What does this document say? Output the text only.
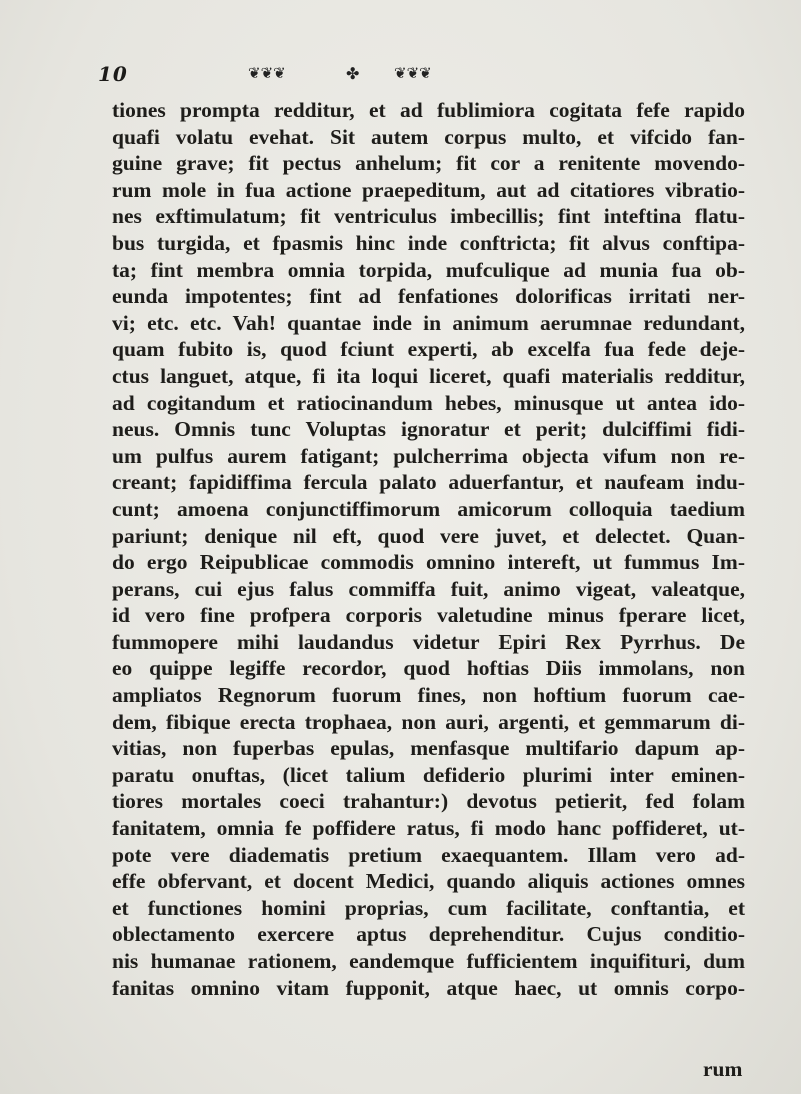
10	❦❦❦	✤ ❦❦❦
tiones prompta redditur, et ad fublimiora cogitata fefe rapido
quafi volatu evehat. Sit autem corpus multo, et vifcido fan-
guine grave; fit pectus anhelum; fit cor a renitente movendo-
rum mole in fua actione praepeditum, aut ad citatiores vibratio-
nes exftimulatum; fit ventriculus imbecillis; fint inteftina flatu-
bus turgida, et fpasmis hinc inde conftricta; fit alvus conftipa-
ta; fint membra omnia torpida, mufculique ad munia fua ob-
eunda impotentes; fint ad fenfationes dolorificas irritati ner-
vi; etc. etc. Vah! quantae inde in animum aerumnae redundant,
quam fubito is, quod fciunt experti, ab excelfa fua fede deje-
ctus languet, atque, fi ita loqui liceret, quafi materialis redditur,
ad cogitandum et ratiocinandum hebes, minusque ut antea ido-
neus. Omnis tunc Voluptas ignoratur et perit; dulciffimi fidi-
um pulfus aurem fatigant; pulcherrima objecta vifum non re-
creant; fapidiffima fercula palato aduerfantur, et naufeam indu-
cunt; amoena conjunctiffimorum amicorum colloquia taedium
pariunt; denique nil eft, quod vere juvet, et delectet. Quan-
do ergo Reipublicae commodis omnino intereft, ut fummus Im-
perans, cui ejus falus commiffa fuit, animo vigeat, valeatque,
id vero fine profpera corporis valetudine minus fperare licet,
fummopere mihi laudandus videtur Epiri Rex Pyrrhus. De
eo quippe legiffe recordor, quod hoftias Diis immolans, non
ampliatos Regnorum fuorum fines, non hoftium fuorum cae-
dem, fibique erecta trophaea, non auri, argenti, et gemmarum di-
vitias, non fuperbas epulas, menfasque multifario dapum ap-
paratu onuftas, (licet talium defiderio plurimi inter eminen-
tiores mortales coeci trahantur:) devotus petierit, fed folam
fanitatem, omnia fe poffidere ratus, fi modo hanc poffideret, ut-
pote vere diadematis pretium exaequantem. Illam vero ad-
effe obfervant, et docent Medici, quando aliquis actiones omnes
et functiones homini proprias, cum facilitate, conftantia, et
oblectamento exercere aptus deprehenditur. Cujus conditio-
nis humanae rationem, eandemque fufficientem inquifituri, dum
fanitas omnino vitam fupponit, atque haec, ut omnis corpo-
rum
